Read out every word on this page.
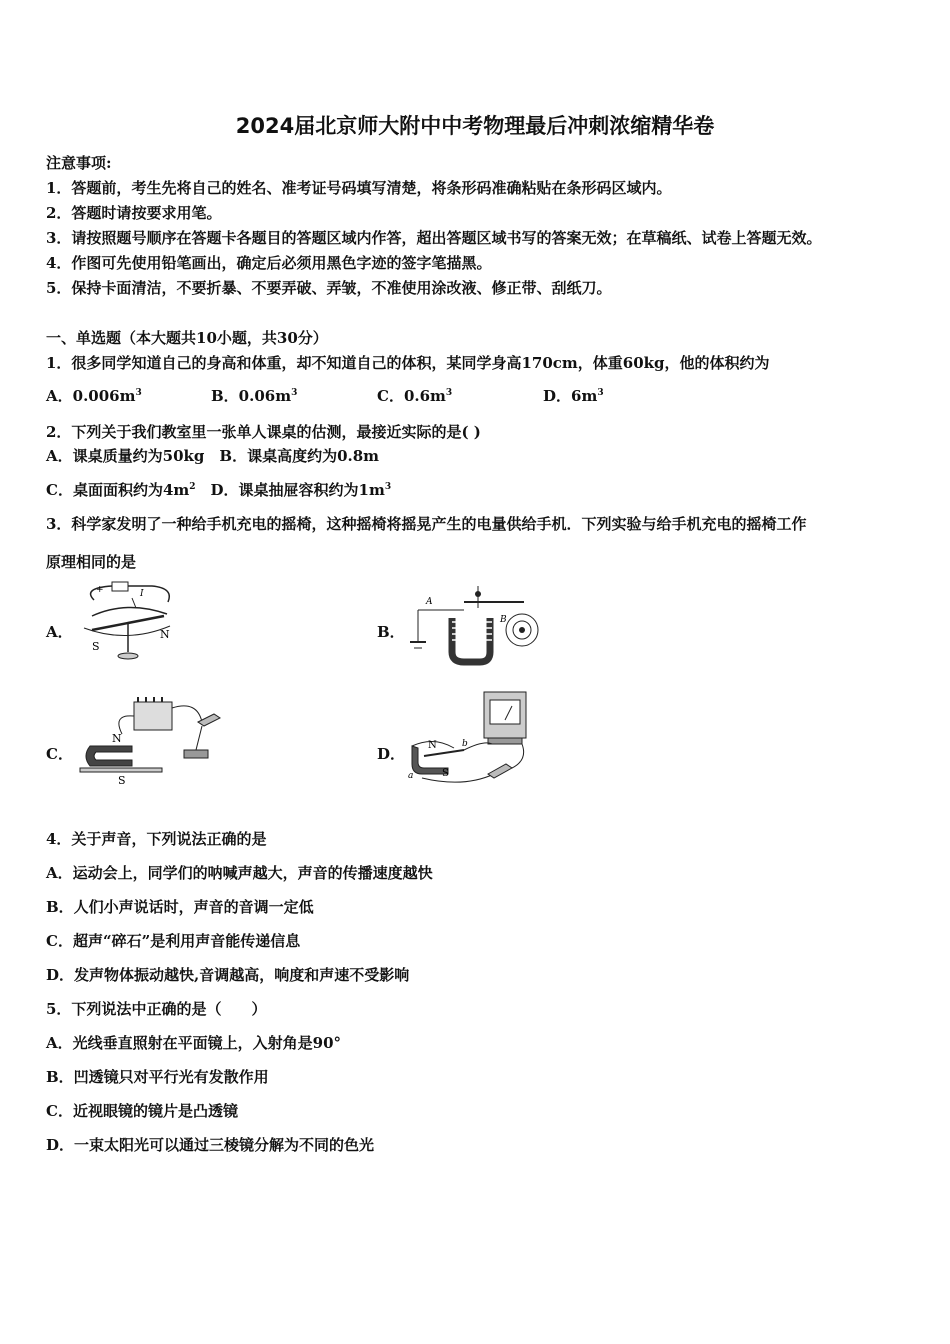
2024届北京师大附中中考物理最后冲刺浓缩精华卷
注意事项:
1．答题前，考生先将自己的姓名、准考证号码填写清楚，将条形码准确粘贴在条形码区域内。
2．答题时请按要求用笔。
3．请按照题号顺序在答题卡各题目的答题区域内作答，超出答题区域书写的答案无效；在草稿纸、试卷上答题无效。
4．作图可先使用铅笔画出，确定后必须用黑色字迹的签字笔描黑。
5．保持卡面清洁，不要折暴、不要弄破、弄皱，不准使用涂改液、修正带、刮纸刀。
一、单选题（本大题共10小题，共30分）
1．很多同学知道自己的身高和体重，却不知道自己的体积，某同学身高170cm，体重60kg，他的体积约为
A．$0.006m^3$	B．$0.06m^3$	C．$0.6m^3$	D．$6m^3$
2．下列关于我们教室里一张单人课桌的估测，最接近实际的是( )
A．课桌质量约为50kg　B．课桌高度约为0.8m
C．桌面面积约为$4m^2$　D．课桌抽屉容积约为$1m^3$
3．科学家发明了一种给手机充电的摇椅，这种摇椅将摇晃产生的电量供给手机．下列实验与给手机充电的摇椅工作
原理相同的是
A．
+	I
S
N	B．
A
B
C．
N
S
D． N
S
a
b
4．关于声音，下列说法正确的是
A．运动会上，同学们的呐喊声越大，声音的传播速度越快
B．人们小声说话时，声音的音调一定低
C．超声“碎石”是利用声音能传递信息
D．发声物体振动越快,音调越高，响度和声速不受影响
5．下列说法中正确的是（　　）
A．光线垂直照射在平面镜上，入射角是90°
B．凹透镜只对平行光有发散作用
C．近视眼镜的镜片是凸透镜
D．一束太阳光可以通过三棱镜分解为不同的色光
